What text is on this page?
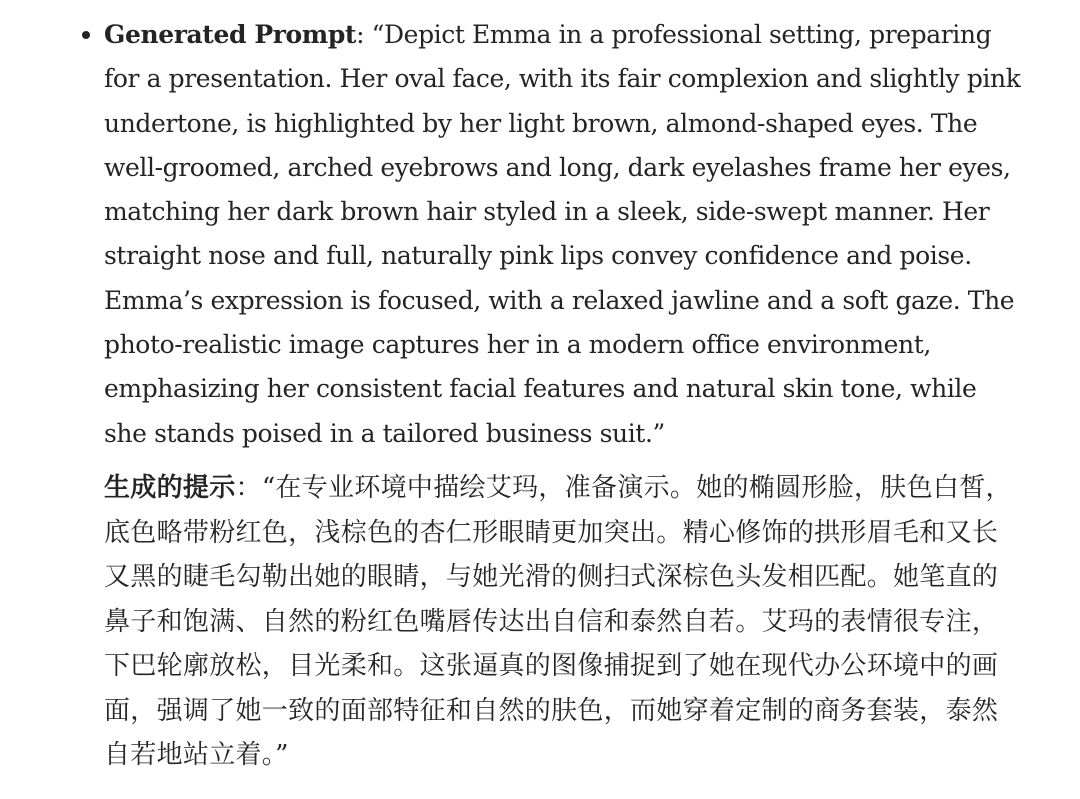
Generated Prompt: “Depict Emma in a professional setting, preparing for a presentation. Her oval face, with its fair complexion and slightly pink undertone, is highlighted by her light brown, almond-shaped eyes. The well-groomed, arched eyebrows and long, dark eyelashes frame her eyes, matching her dark brown hair styled in a sleek, side-swept manner. Her straight nose and full, naturally pink lips convey confidence and poise. Emma’s expression is focused, with a relaxed jawline and a soft gaze. The photo-realistic image captures her in a modern office environment, emphasizing her consistent facial features and natural skin tone, while she stands poised in a tailored business suit.”

生成的提示：“在专业环境中描绘艾玛，准备演示。她的椭圆形脸，肤色白皙，底色略带粉红色，浅棕色的杏仁形眼睛更加突出。精心修饰的拱形眉毛和又长又黑的睫毛勾勒出她的眼睛，与她光滑的侧扫式深棕色头发相匹配。她笔直的鼻子和饱满、自然的粉红色嘴唇传达出自信和泰然自若。艾玛的表情很专注，下巴轮廓放松，目光柔和。这张逼真的图像捕捉到了她在现代办公环境中的画面，强调了她一致的面部特征和自然的肤色，而她穿着定制的商务套装，泰然自若地站立着。”
